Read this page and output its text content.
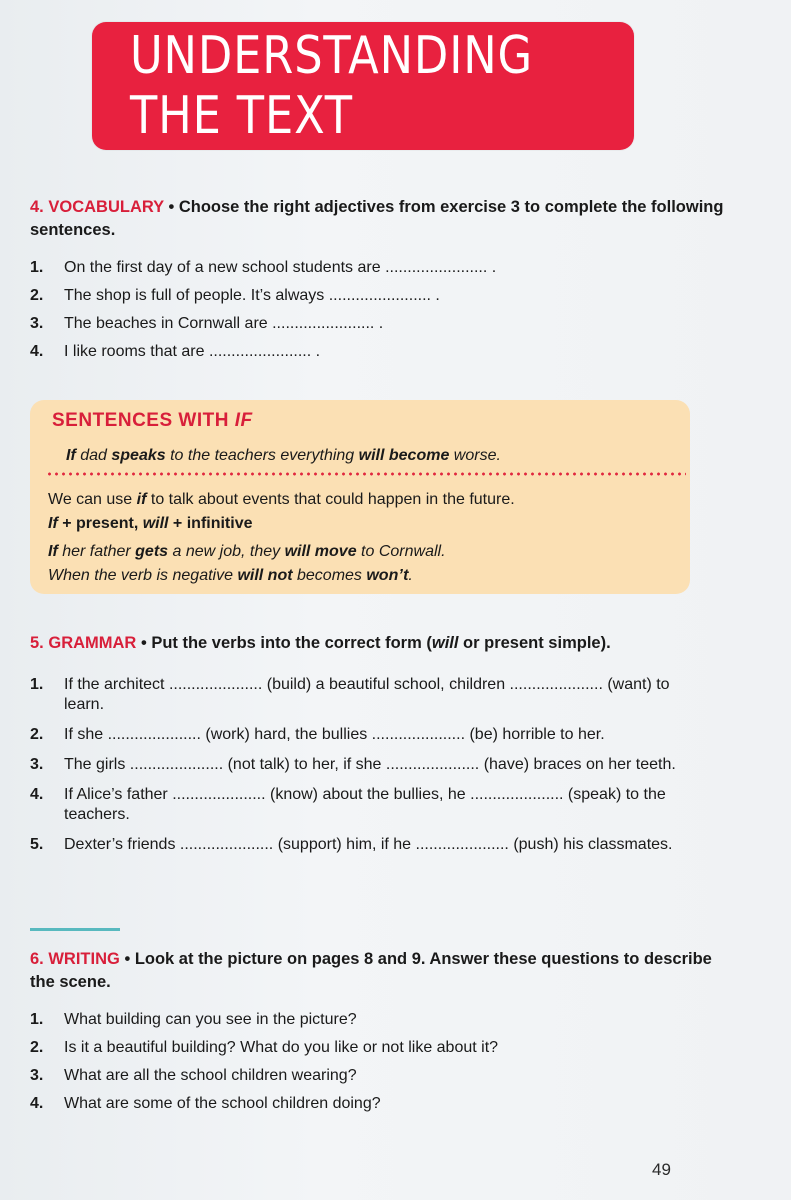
UNDERSTANDING THE TEXT
4. VOCABULARY • Choose the right adjectives from exercise 3 to complete the following sentences.
1.	On the first day of a new school students are ....................... .
2.	The shop is full of people. It’s always ....................... .
3.	The beaches in Cornwall are ....................... .
4.	I like rooms that are ....................... .
SENTENCES WITH IF
If dad speaks to the teachers everything will become worse.
We can use if to talk about events that could happen in the future.
If + present, will + infinitive
If her father gets a new job, they will move to Cornwall.
When the verb is negative will not becomes won’t.
5. GRAMMAR • Put the verbs into the correct form (will or present simple).
1.	If the architect ..................... (build) a beautiful school, children ..................... (want) to learn.
2.	If she ..................... (work) hard, the bullies ..................... (be) horrible to her.
3.	The girls ..................... (not talk) to her, if she ..................... (have) braces on her teeth.
4.	If Alice’s father ..................... (know) about the bullies, he ..................... (speak) to the teachers.
5.	Dexter’s friends ..................... (support) him, if he ..................... (push) his classmates.
6. WRITING • Look at the picture on pages 8 and 9. Answer these questions to describe the scene.
1.	What building can you see in the picture?
2.	Is it a beautiful building? What do you like or not like about it?
3.	What are all the school children wearing?
4.	What are some of the school children doing?
49
